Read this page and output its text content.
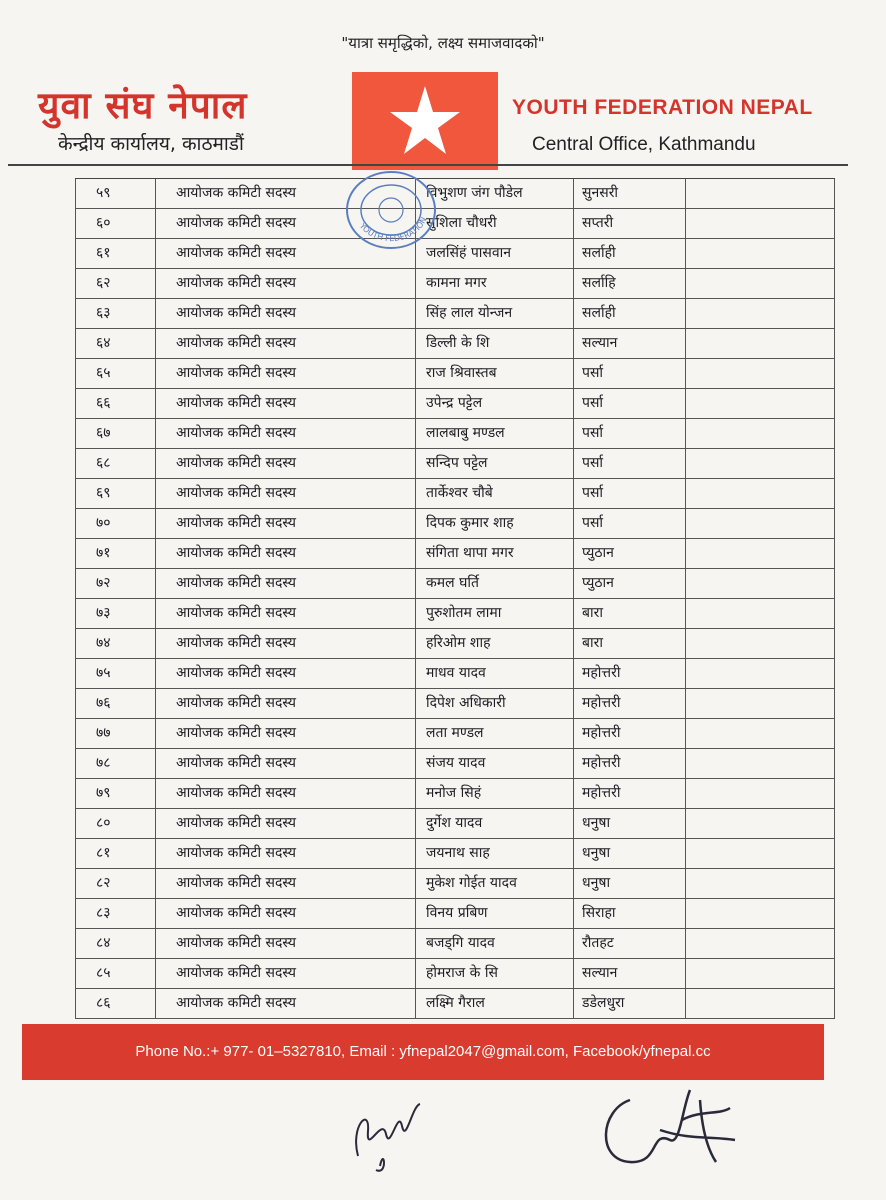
"यात्रा समृद्धिको, लक्ष्य समाजवादको"
युवा संघ नेपाल
केन्द्रीय कार्यालय, काठमाडौं
YOUTH FEDERATION NEPAL
Central Office, Kathmandu
५९	आयोजक कमिटी सदस्य	विभुशण जंग पौडेल	सुनसरी
६०	आयोजक कमिटी सदस्य	सुशिला चौधरी	सप्तरी
६१	आयोजक कमिटी सदस्य	जलसिंहं पासवान	सर्लाही
६२	आयोजक कमिटी सदस्य	कामना मगर	सर्लाहि
६३	आयोजक कमिटी सदस्य	सिंह लाल योन्जन	सर्लाही
६४	आयोजक कमिटी सदस्य	डिल्ली के शि	सल्यान
६५	आयोजक कमिटी सदस्य	राज श्रिवास्तब	पर्सा
६६	आयोजक कमिटी सदस्य	उपेन्द्र पट्टेल	पर्सा
६७	आयोजक कमिटी सदस्य	लालबाबु मण्डल	पर्सा
६८	आयोजक कमिटी सदस्य	सन्दिप पट्टेल	पर्सा
६९	आयोजक कमिटी सदस्य	तार्केश्वर चौबे	पर्सा
७०	आयोजक कमिटी सदस्य	दिपक कुमार शाह	पर्सा
७१	आयोजक कमिटी सदस्य	संगिता थापा मगर	प्युठान
७२	आयोजक कमिटी सदस्य	कमल घर्ति	प्युठान
७३	आयोजक कमिटी सदस्य	पुरुशोतम लामा	बारा
७४	आयोजक कमिटी सदस्य	हरिओम शाह	बारा
७५	आयोजक कमिटी सदस्य	माधव यादव	महोत्तरी
७६	आयोजक कमिटी सदस्य	दिपेश अधिकारी	महोत्तरी
७७	आयोजक कमिटी सदस्य	लता मण्डल	महोत्तरी
७८	आयोजक कमिटी सदस्य	संजय यादव	महोत्तरी
७९	आयोजक कमिटी सदस्य	मनोज सिहं	महोत्तरी
८०	आयोजक कमिटी सदस्य	दुर्गेश यादव	धनुषा
८१	आयोजक कमिटी सदस्य	जयनाथ साह	धनुषा
८२	आयोजक कमिटी सदस्य	मुकेश गोईत यादव	धनुषा
८३	आयोजक कमिटी सदस्य	विनय प्रबिण	सिराहा
८४	आयोजक कमिटी सदस्य	बजड्गि यादव	रौतहट
८५	आयोजक कमिटी सदस्य	होमराज के सि	सल्यान
८६	आयोजक कमिटी सदस्य	लक्ष्मि गैराल	डडेलधुरा
YOUTH FEDERATION
Phone No.:+ 977- 01–5327810, Email : yfnepal2047@gmail.com, Facebook/yfnepal.cc
